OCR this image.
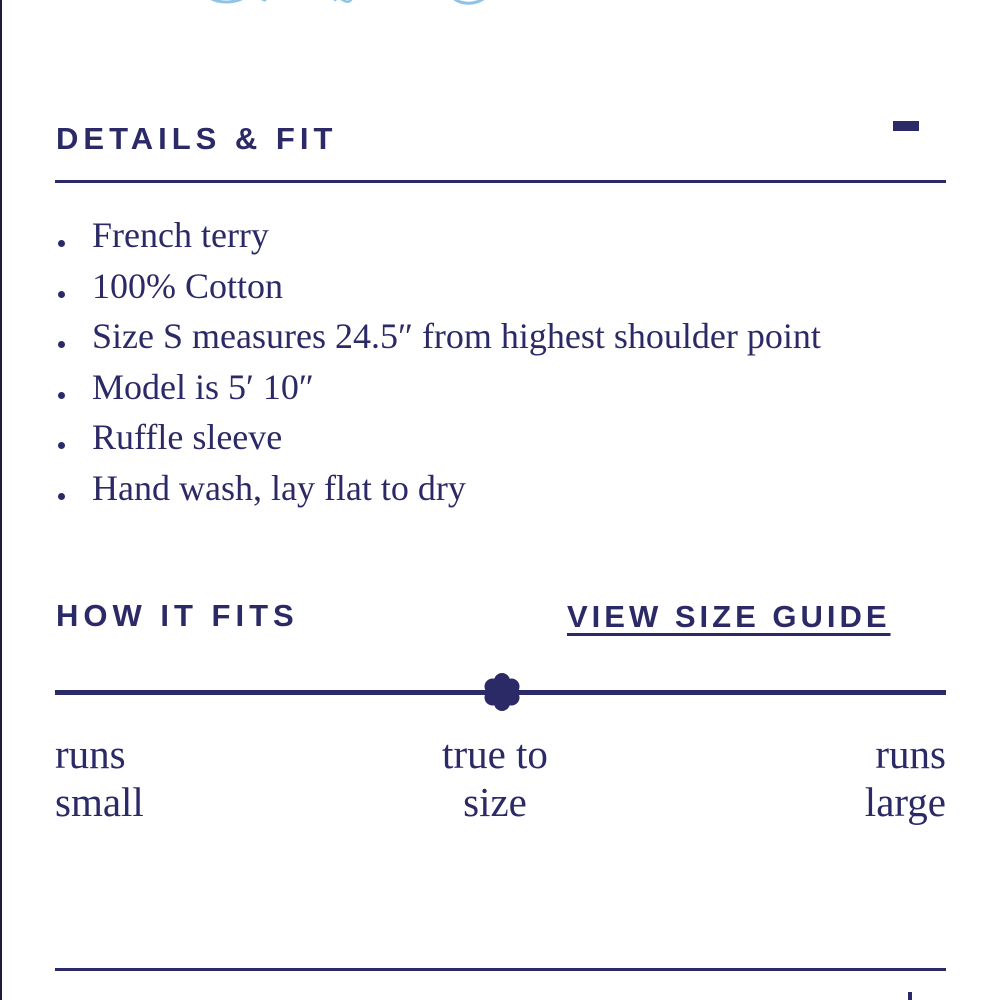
DETAILS & FIT
French terry
100% Cotton
Size S measures 24.5″ from highest shoulder point
Model is 5′ 10″
Ruffle sleeve
Hand wash, lay flat to dry
HOW IT FITS	VIEW SIZE GUIDE

runs
small

true to
size

runs
large
